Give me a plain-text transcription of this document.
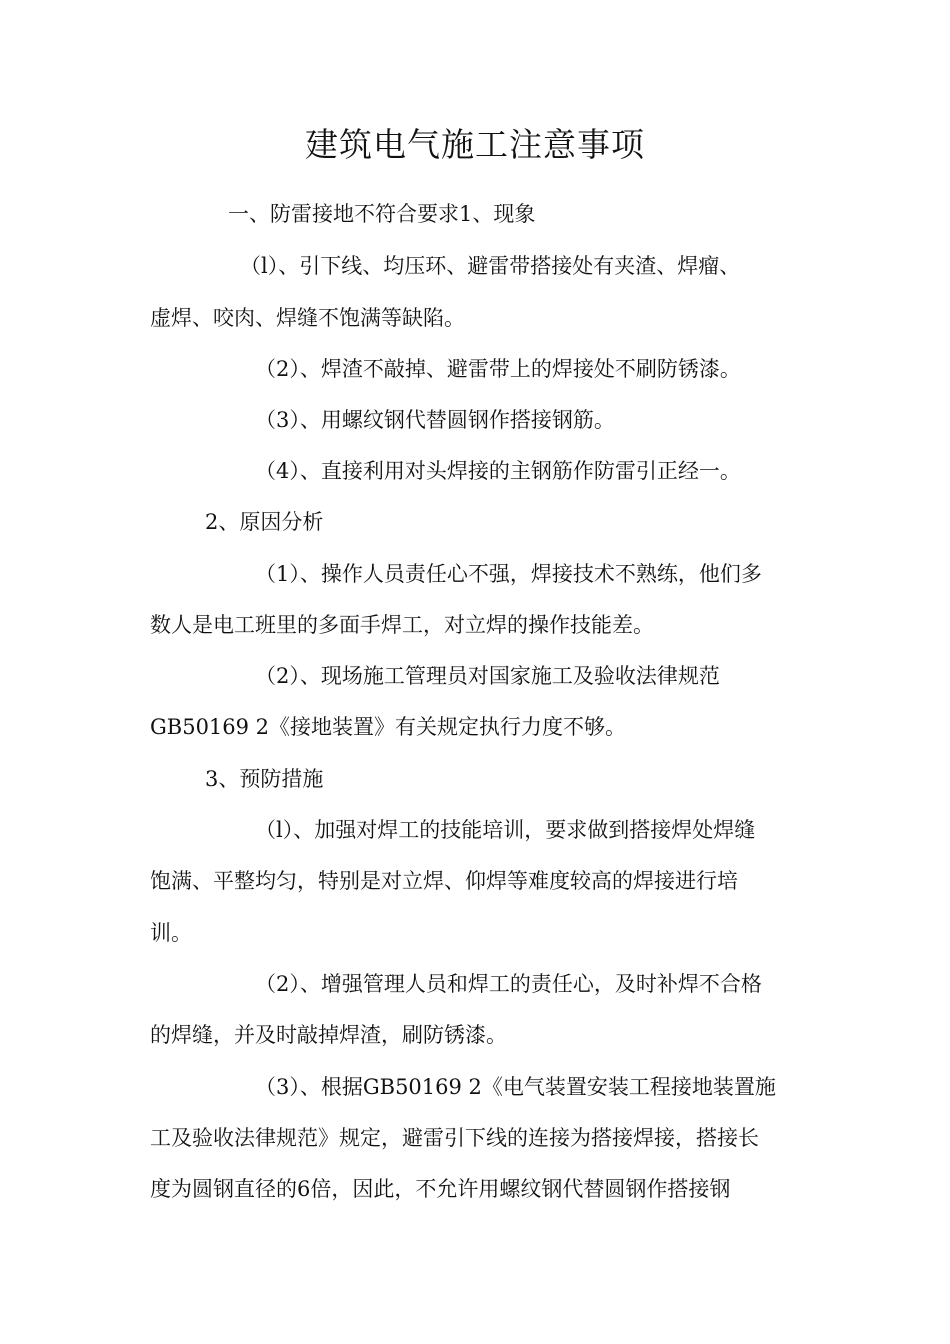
建筑电气施工注意事项
一、防雷接地不符合要求1、现象
（l）、引下线、均压环、避雷带搭接处有夹渣、焊瘤、
虚焊、咬肉、焊缝不饱满等缺陷。
（2）、焊渣不敲掉、避雷带上的焊接处不刷防锈漆。
（3）、用螺纹钢代替圆钢作搭接钢筋。
（4）、直接利用对头焊接的主钢筋作防雷引正经一。
2、原因分析
（1）、操作人员责任心不强，焊接技术不熟练，他们多
数人是电工班里的多面手焊工，对立焊的操作技能差。
（2）、现场施工管理员对国家施工及验收法律规范
GB50169 2《接地装置》有关规定执行力度不够。
3、预防措施
（l）、加强对焊工的技能培训，要求做到搭接焊处焊缝
饱满、平整均匀，特别是对立焊、仰焊等难度较高的焊接进行培
训。
（2）、增强管理人员和焊工的责任心，及时补焊不合格
的焊缝，并及时敲掉焊渣，刷防锈漆。
（3）、根据GB50169 2《电气装置安装工程接地装置施
工及验收法律规范》规定，避雷引下线的连接为搭接焊接，搭接长
度为圆钢直径的6倍，因此，不允许用螺纹钢代替圆钢作搭接钢
